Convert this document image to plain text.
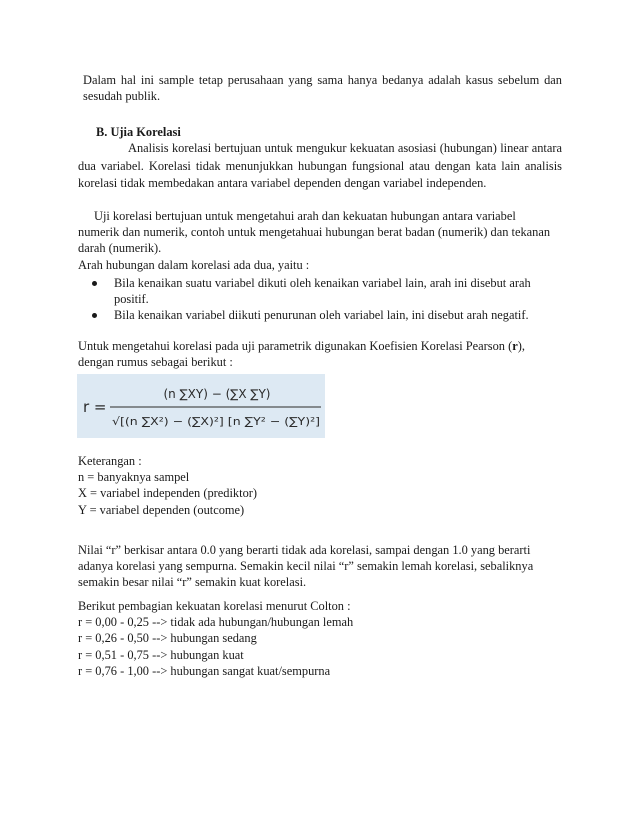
Dalam hal ini sample tetap perusahaan yang sama hanya bedanya adalah kasus sebelum dan
sesudah publik.

B. Ujia Korelasi

Analisis korelasi bertujuan untuk mengukur kekuatan asosiasi (hubungan) linear antara
dua variabel. Korelasi tidak menunjukkan hubungan fungsional atau dengan kata lain analisis
korelasi tidak membedakan antara variabel dependen dengan variabel independen.

Uji korelasi bertujuan untuk mengetahui arah dan kekuatan hubungan antara variabel
numerik dan numerik, contoh untuk mengetahuai hubungan berat badan (numerik) dan tekanan
darah (numerik).
Arah hubungan dalam korelasi ada dua, yaitu :

Bila kenaikan suatu variabel dikuti oleh kenaikan variabel lain, arah ini disebut arah
positif.
Bila kenaikan variabel diikuti penurunan oleh variabel lain, ini disebut arah negatif.

Untuk mengetahui korelasi pada uji parametrik digunakan Koefisien Korelasi Pearson (r),
dengan rumus sebagai berikut :

r =
(n ∑XY) − (∑X ∑Y)
√[(n ∑X²) − (∑X)²] [n ∑Y² − (∑Y)²]

Keterangan :
n = banyaknya sampel
X = variabel independen (prediktor)
Y = variabel dependen (outcome)

Nilai “r” berkisar antara 0.0 yang berarti tidak ada korelasi, sampai dengan 1.0 yang berarti
adanya korelasi yang sempurna. Semakin kecil nilai “r” semakin lemah korelasi, sebaliknya
semakin besar nilai “r” semakin kuat korelasi.

Berikut pembagian kekuatan korelasi menurut Colton :
r = 0,00 - 0,25 --> tidak ada hubungan/hubungan lemah
r = 0,26 - 0,50 --> hubungan sedang
r = 0,51 - 0,75 --> hubungan kuat
r = 0,76 - 1,00 --> hubungan sangat kuat/sempurna
